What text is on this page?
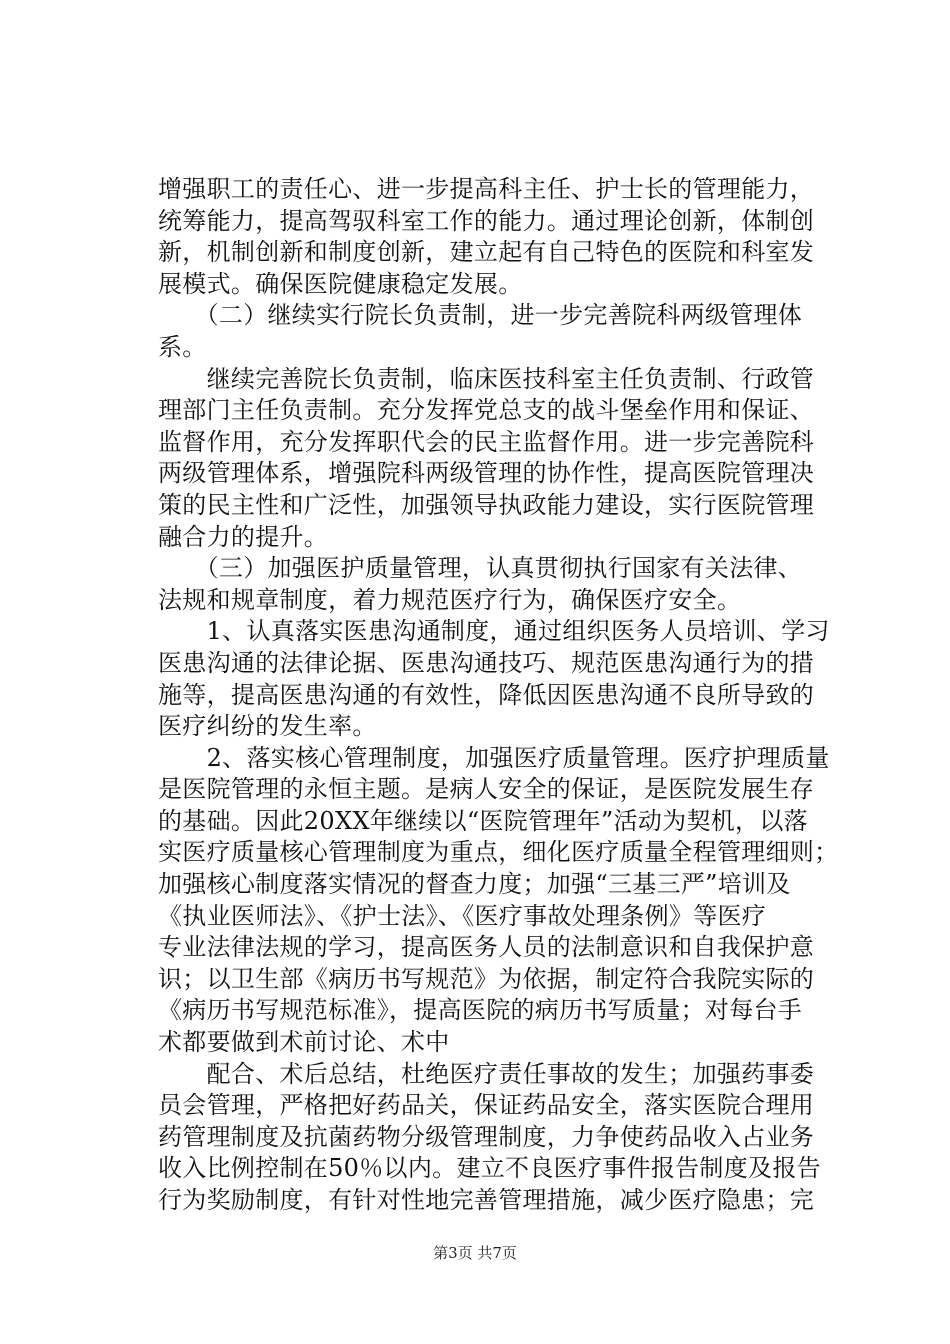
增强职工的责任心、进一步提高科主任、护士长的管理能力，
统筹能力，提高驾驭科室工作的能力。通过理论创新，体制创
新，机制创新和制度创新，建立起有自己特色的医院和科室发
展模式。确保医院健康稳定发展。
　　（二）继续实行院长负责制，进一步完善院科两级管理体
系。
　　继续完善院长负责制，临床医技科室主任负责制、行政管
理部门主任负责制。充分发挥党总支的战斗堡垒作用和保证、
监督作用，充分发挥职代会的民主监督作用。进一步完善院科
两级管理体系，增强院科两级管理的协作性，提高医院管理决
策的民主性和广泛性，加强领导执政能力建设，实行医院管理
融合力的提升。
　　（三）加强医护质量管理，认真贯彻执行国家有关法律、
法规和规章制度，着力规范医疗行为，确保医疗安全。
　　1、认真落实医患沟通制度，通过组织医务人员培训、学习
医患沟通的法律论据、医患沟通技巧、规范医患沟通行为的措
施等，提高医患沟通的有效性，降低因医患沟通不良所导致的
医疗纠纷的发生率。
　　2、落实核心管理制度，加强医疗质量管理。医疗护理质量
是医院管理的永恒主题。是病人安全的保证，是医院发展生存
的基础。因此20XX年继续以“医院管理年”活动为契机，以落
实医疗质量核心管理制度为重点，细化医疗质量全程管理细则；
加强核心制度落实情况的督查力度；加强“三基三严”培训及
《执业医师法》、《护士法》、《医疗事故处理条例》等医疗
专业法律法规的学习，提高医务人员的法制意识和自我保护意
识；以卫生部《病历书写规范》为依据，制定符合我院实际的
《病历书写规范标准》，提高医院的病历书写质量；对每台手
术都要做到术前讨论、术中
　　配合、术后总结，杜绝医疗责任事故的发生；加强药事委
员会管理，严格把好药品关，保证药品安全，落实医院合理用
药管理制度及抗菌药物分级管理制度，力争使药品收入占业务
收入比例控制在50％以内。建立不良医疗事件报告制度及报告
行为奖励制度，有针对性地完善管理措施，减少医疗隐患；完
第3页 共7页
